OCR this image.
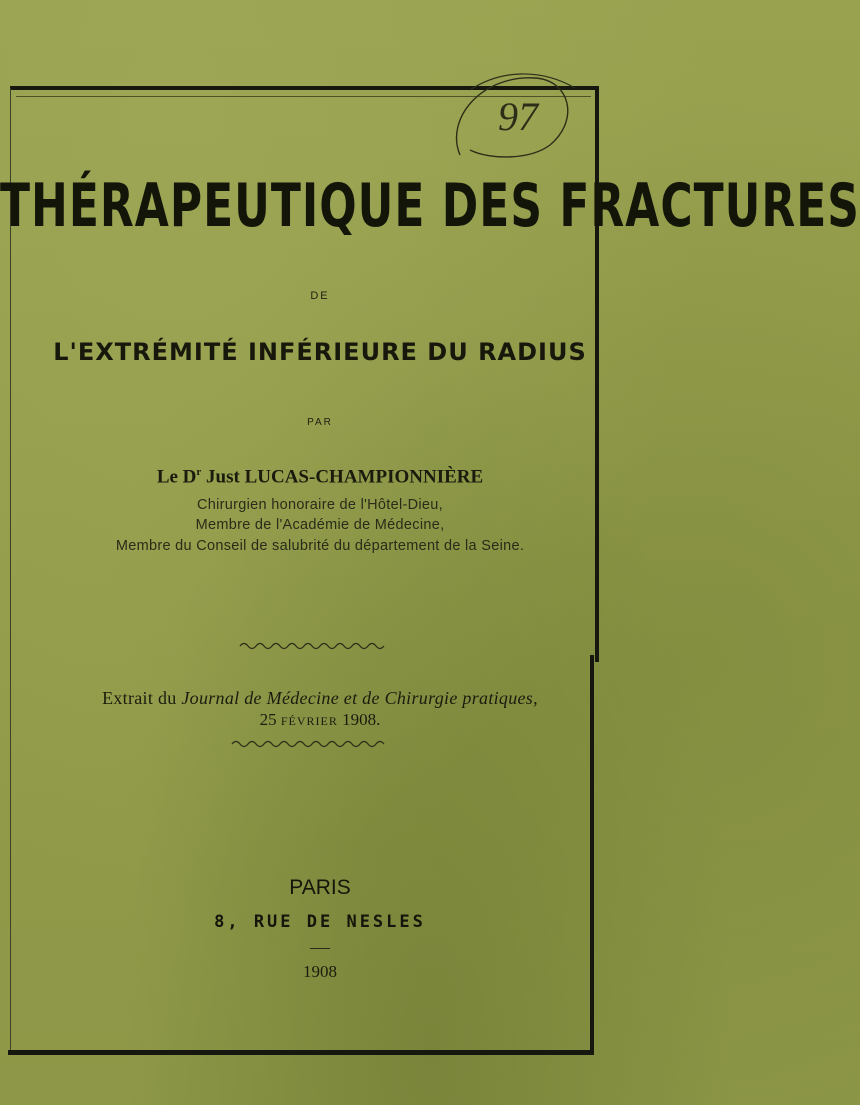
97

THÉRAPEUTIQUE DES FRACTURES

DE

L'EXTRÉMITÉ INFÉRIEURE DU RADIUS

PAR

Le $D^r$ Just LUCAS-CHAMPIONNIÈRE

Chirurgien honoraire de l'Hôtel-Dieu,

Membre de l'Académie de Médecine,

Membre du Conseil de salubrité du département de la Seine.

Extrait du Journal de Médecine et de Chirurgie pratiques,

25 FÉVRIER 1908.

PARIS

8, RUE DE NESLES

1908
